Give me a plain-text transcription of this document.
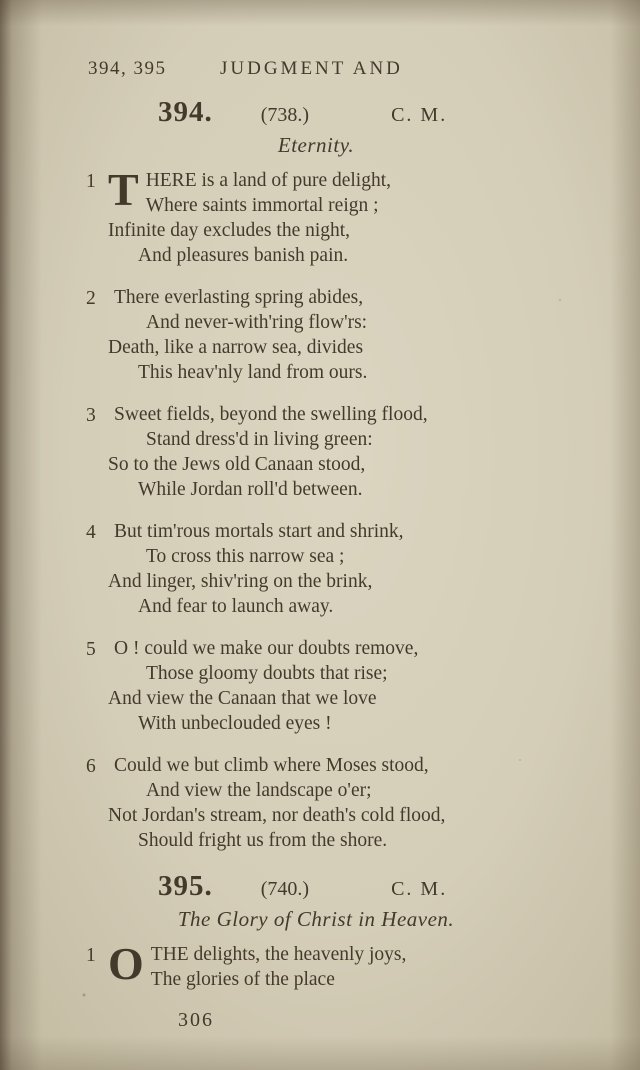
394, 395	JUDGMENT AND
394. (738.)	C. M.
Eternity.
1 T HERE is a land of pure delight,
Where saints immortal reign ;
Infinite day excludes the night,
And pleasures banish pain.
2 There everlasting spring abides,
And never-with'ring flow'rs:
Death, like a narrow sea, divides
This heav'nly land from ours.
3 Sweet fields, beyond the swelling flood,
Stand dress'd in living green:
So to the Jews old Canaan stood,
While Jordan roll'd between.
4 But tim'rous mortals start and shrink,
To cross this narrow sea ;
And linger, shiv'ring on the brink,
And fear to launch away.
5 O ! could we make our doubts remove,
Those gloomy doubts that rise;
And view the Canaan that we love
With unbeclouded eyes !
6 Could we but climb where Moses stood,
And view the landscape o'er;
Not Jordan's stream, nor death's cold flood,
Should fright us from the shore.
395. (740.)	C. M.
The Glory of Christ in Heaven.
1 O THE delights, the heavenly joys,
The glories of the place
306
